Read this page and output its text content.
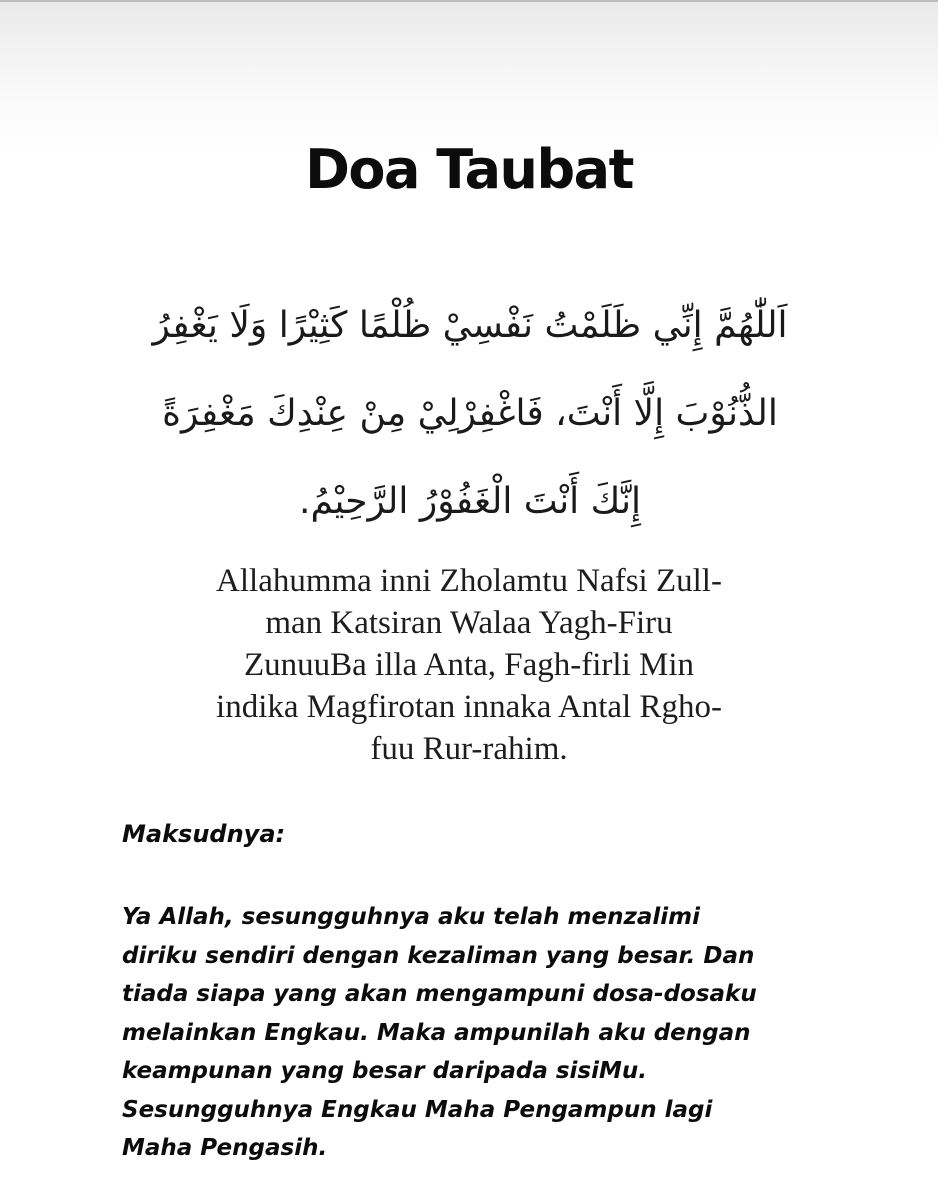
Doa Taubat
اَللّٰهُمَّ إِنِّي ظَلَمْتُ نَفْسِيْ ظُلْمًا كَثِيْرًا وَلَا يَغْفِرُ
الذُّنُوْبَ إِلَّا أَنْتَ، فَاغْفِرْلِيْ مِنْ عِنْدِكَ مَغْفِرَةً
إِنَّكَ أَنْتَ الْغَفُوْرُ الرَّحِيْمُ.
Allahumma inni Zholamtu Nafsi Zull-
man Katsiran Walaa Yagh-Firu
ZunuuBa illa Anta, Fagh-firli Min
indika Magfirotan innaka Antal Rgho-
fuu Rur-rahim.
Maksudnya:
Ya Allah, sesungguhnya aku telah menzalimi
diriku sendiri dengan kezaliman yang besar. Dan
tiada siapa yang akan mengampuni dosa-dosaku
melainkan Engkau. Maka ampunilah aku dengan
keampunan yang besar daripada sisiMu.
Sesungguhnya Engkau Maha Pengampun lagi
Maha Pengasih.
